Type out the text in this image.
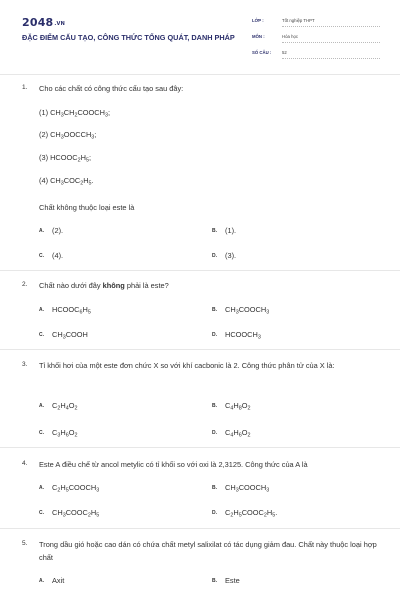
2048.VN
ĐẶC ĐIỂM CẤU TẠO, CÔNG THỨC TỔNG QUÁT, DANH PHÁP
LỚP :	Tốt nghiệp THPT
MÔN :	Hóa học
SỐ CÂU : 52
1. Cho các chất có công thức cấu tạo sau đây:
(1) $CH_3CH_2COOCH_3$;
(2) $CH_3OOCCH_3$;
(3) $HCOOC_2H_5$;
(4) $CH_3COC_2H_5$.
Chất không thuộc loại este là
A. (2).	B. (1).
C. (4).	D. (3).
2. Chất nào dưới đây không phải là este?
A. $HCOOC_6H_5$	B. $CH_3COOCH_3$
C. $CH_3COOH$	D. $HCOOCH_3$
3. Tỉ khối hơi của một este đơn chức X so với khí cacbonic là 2. Công thức phân tử của X là:
A. $C_2H_4O_2$	B. $C_4H_8O_2$
C. $C_3H_6O_2$	D. $C_4H_6O_2$
4. Este A điều chế từ ancol metylic có tỉ khối so với oxi là 2,3125. Công thức của A là
A. $C_2H_5COOCH_3$	B. $CH_3COOCH_3$
C. $CH_3COOC_2H_5$	D. $C_2H_5COOC_2H_5$.
5. Trong dầu gió hoặc cao dán có chứa chất metyl salixilat có tác dụng giảm đau. Chất này thuộc loại hợp chất
A. Axit	B. Este
